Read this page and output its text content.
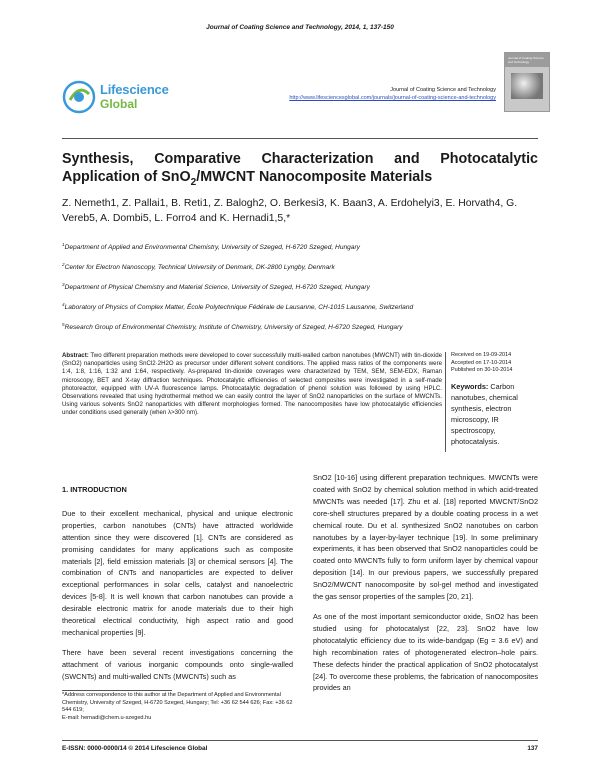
Journal of Coating Science and Technology, 2014, 1, 137-150
Lifescience
Global
Journal of Coating Science and Technology
http://www.lifesciencesglobal.com/journals/journal-of-coating-science-and-technology
Journal of Coating Science and Technology
Synthesis, Comparative Characterization and Photocatalytic Application of SnO$_2$/MWCNT Nanocomposite Materials
Z. Nemeth1, Z. Pallai1, B. Reti1, Z. Balogh2, O. Berkesi3, K. Baan3, A. Erdohelyi3, E. Horvath4, G. Vereb5, A. Dombi5, L. Forro4 and K. Hernadi1,5,*
$^1$Department of Applied and Environmental Chemistry, University of Szeged, H-6720 Szeged, Hungary
$^2$Center for Electron Nanoscopy, Technical University of Denmark, DK-2800 Lyngby, Denmark
Abstract: Two different preparation methods were developed to cover successfully multi-walled carbon nanotubes (MWCNT) with tin-dioxide (SnO2) nanoparticles using SnCl2·2H2O as precursor under different solvent conditions. The applied mass ratios of the components were 1:4, 1:8, 1:16, 1:32 and 1:64, respectively. As-prepared tin-dioxide coverages were characterized by TEM, SEM, SEM-EDX, Raman microscopy, BET and X-ray diffraction techniques. Photocatalytic efficiencies of selected composites were investigated in a self-made photoreactor, equipped with UV-A fluorescence lamps. Photocatalytic degradation of phenol solution was followed by using HPLC. Observations revealed that using hydrothermal method we can easily control the layer of SnO2 nanoparticles on the surface of MWCNTs. Using various solvents SnO2 nanoparticles with different morphologies formed. The nanocomposites have low photocatalytic efficiencies under conditions used generally (when λ>300 nm).
Received on 19-09-2014
Accepted on 17-10-2014
Published on 30-10-2014
Keywords: Carbon nanotubes, chemical synthesis, electron microscopy, IR spectroscopy, photocatalysis.
1. INTRODUCTION

Due to their excellent mechanical, physical and unique electronic properties, carbon nanotubes (CNTs) have attracted worldwide attention since they were discovered [1]. CNTs are considered as promising candidates for many applications such as composite materials [2], field emission materials [3] or chemical sensors [4]. The combination of CNTs and nanoparticles are expected to deliver exceptional performances in solar cells, catalyst and nanoelectric devices [5-8]. It is well known that carbon nanotubes can provide a desirable electronic matrix for anode materials due to their high theoretical electrical conductivity, high aspect ratio and good mechanical properties [9].

There have been several recent investigations concerning the attachment of various inorganic compounds onto single-walled (SWCNTs) and multi-walled CNTs (MWCNTs) such as

SnO2 [10-16] using different preparation techniques. MWCNTs were coated with SnO2 by chemical solution method in which acid-treated MWCNTs was needed [17]. Zhu et al. [18] reported MWCNT/SnO2 core-shell structures prepared by a double coating process in a wet chemical route. Du et al. synthesized SnO2 nanotubes on carbon nanotubes by a layer-by-layer technique [19]. In some preliminary experiments, it has been observed that SnO2 nanoparticles could be coated onto MWCNTs fully to form uniform layer by chemical vapour deposition [14]. In our previous papers, we successfully prepared SnO2/MWCNT nanocomposite by sol-gel method and investigated the gas sensor properties of the samples [20, 21].

As one of the most important semiconductor oxide, SnO2 has been studied using for photocatalyst [22, 23]. SnO2 have low photocatalytic efficiency due to its wide-bandgap (Eg = 3.6 eV) and high recombination rates of photogenerated electron–hole pairs. These defects hinder the practical application of SnO2 photocatalyst [24]. To overcome these problems, the fabrication of nanocomposites provides an

*Address correspondence to this author at the Department of Applied and Environmental Chemistry, University of Szeged, H-6720 Szeged, Hungary; Tel: +36 62 544 626; Fax: +36 62 544 619;
E-mail: hernadi@chem.u-szeged.hu
E-ISSN: 0000-0000/14 © 2014 Lifescience Global	137
$^3$Department of Physical Chemistry and Material Science, University of Szeged, H-6720 Szeged, Hungary
$^4$Laboratory of Physics of Complex Matter, École Polytechnique Fédérale de Lausanne, CH-1015 Lausanne, Switzerland
$^5$Research Group of Environmental Chemistry, Institute of Chemistry, University of Szeged, H-6720 Szeged, Hungary
